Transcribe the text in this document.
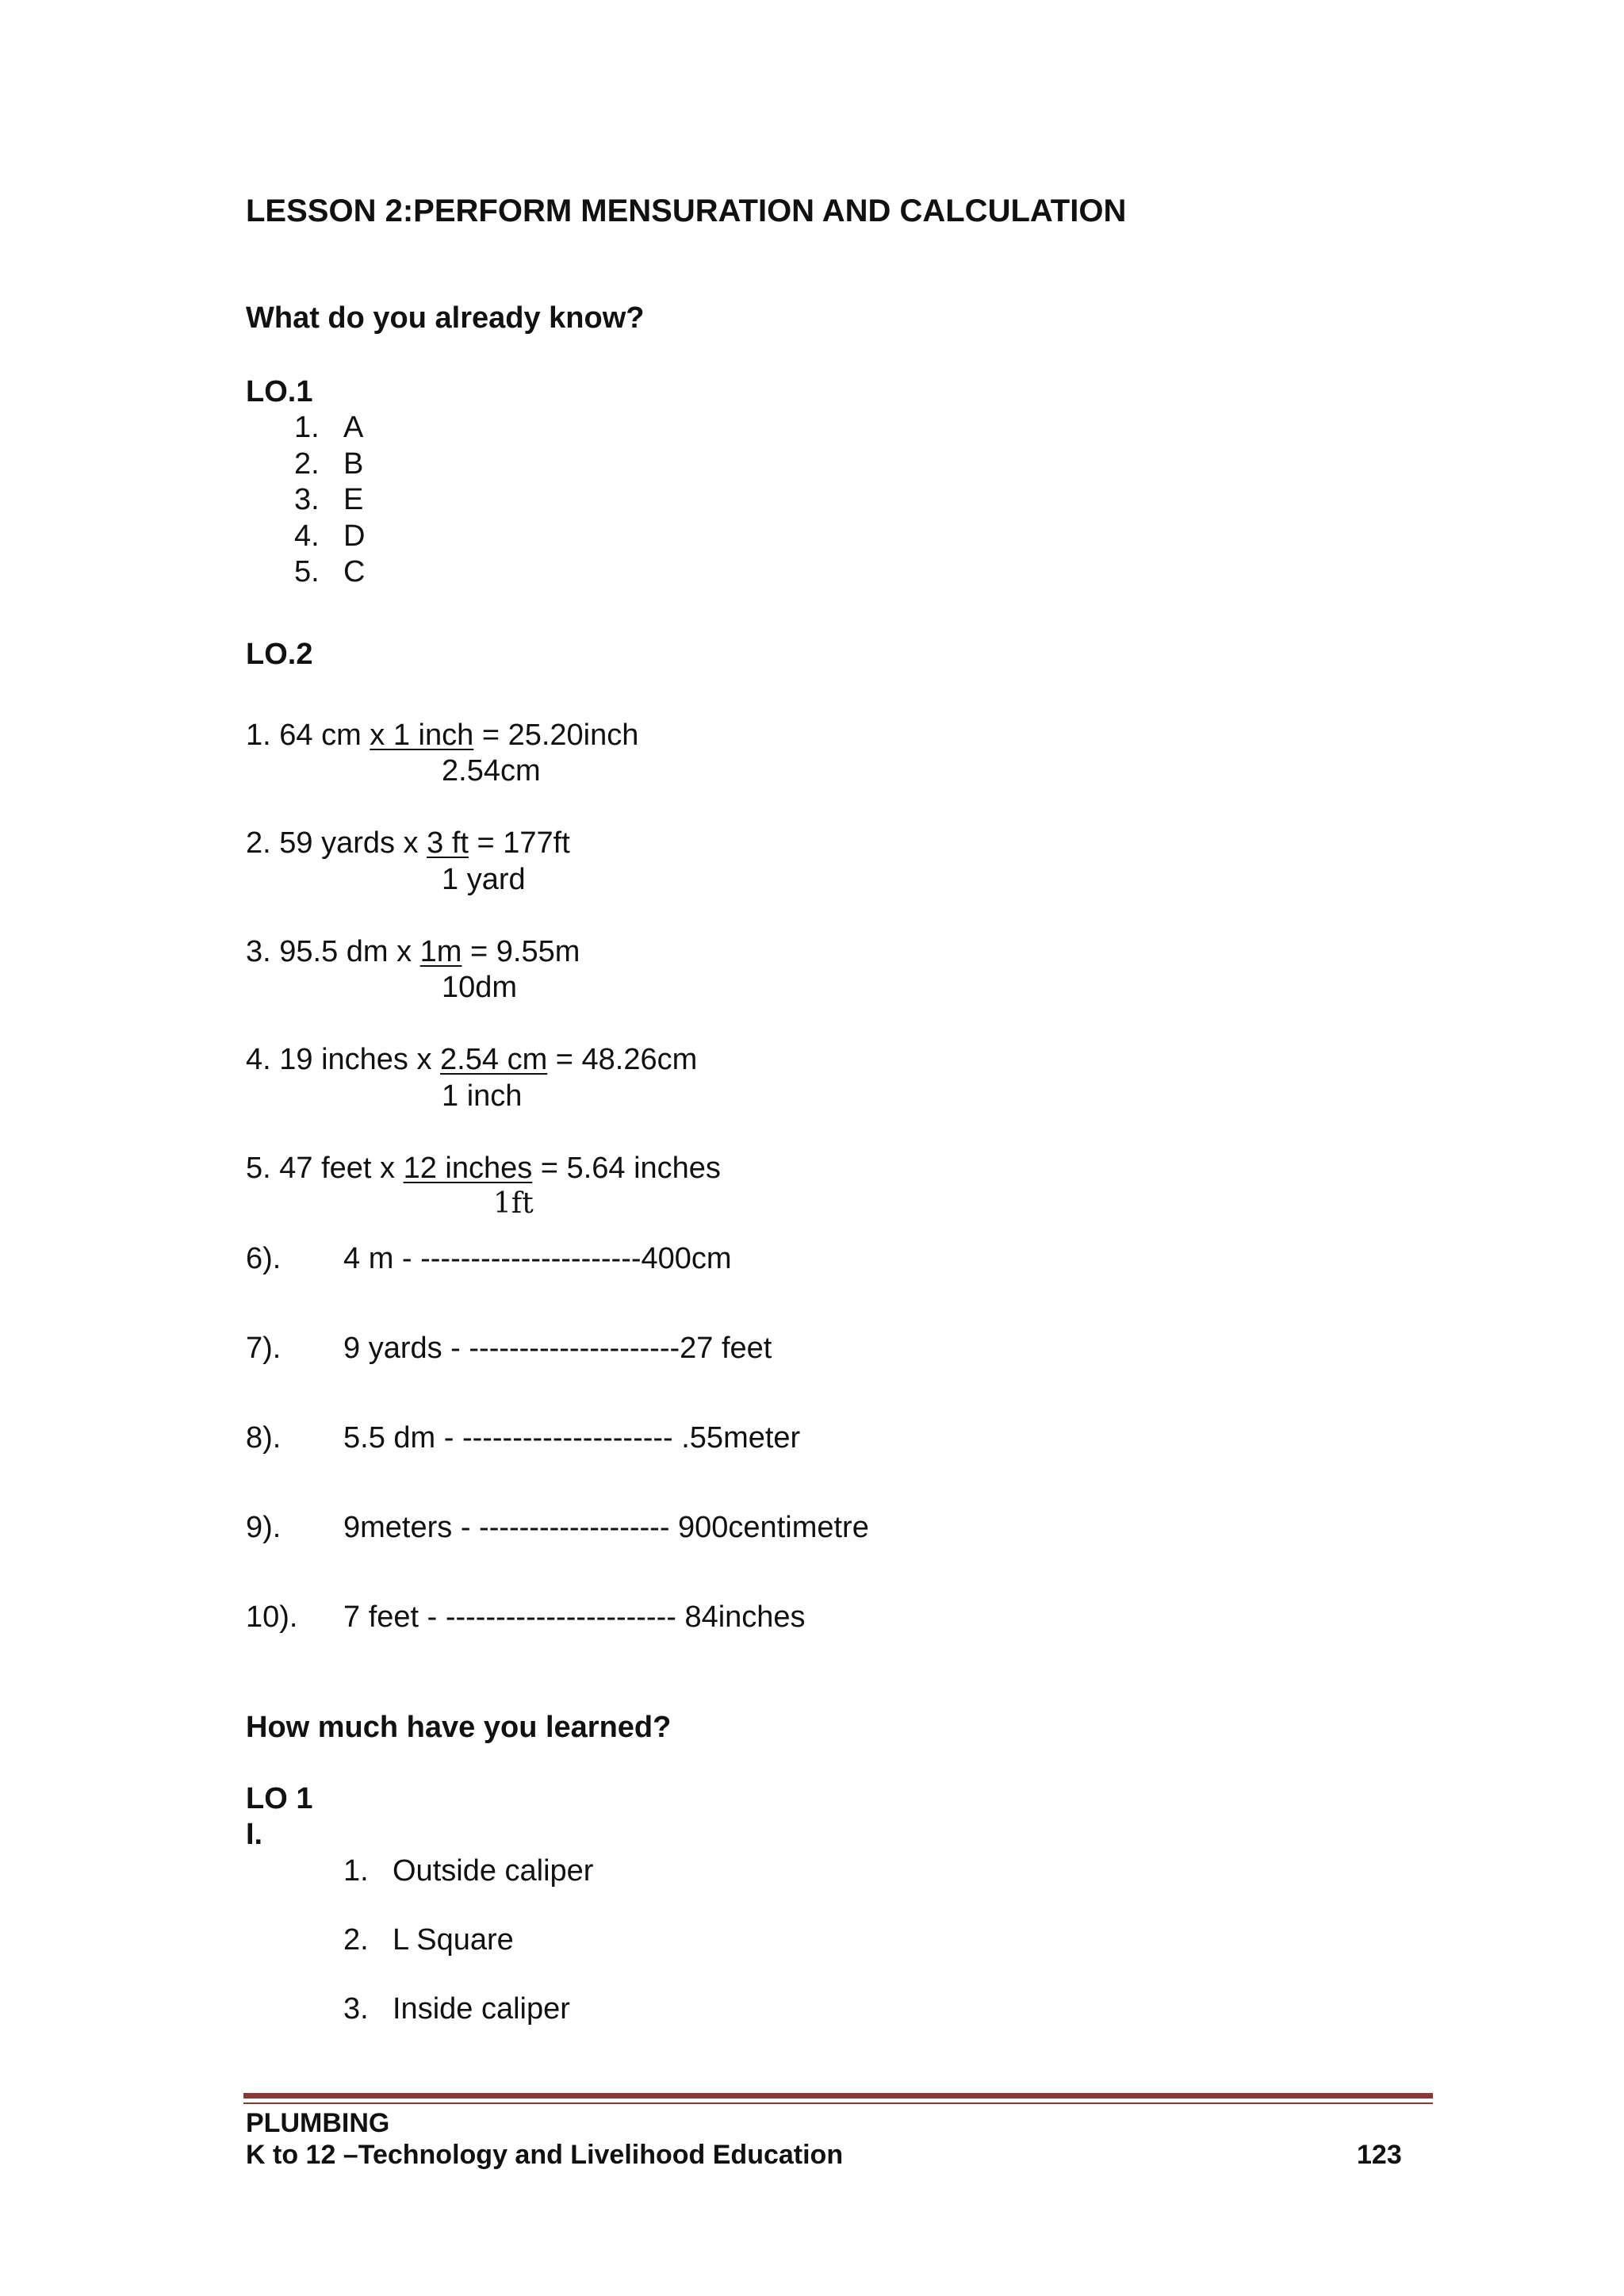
LESSON 2:PERFORM MENSURATION AND CALCULATION
What do you already know?
LO.1
1. A
2. B
3. E
4. D
5. C
LO.2
1. 64 cm x 1 inch = 25.20inch
2.54cm
2. 59 yards x 3 ft = 177ft
1 yard
3. 95.5 dm x 1m = 9.55m
10dm
4. 19 inches x 2.54 cm = 48.26cm
1 inch
5. 47 feet x 12 inches = 5.64 inches
1ft
6). 4 m - ----------------------400cm
7). 9 yards - ---------------------27 feet
8). 5.5 dm - --------------------- .55meter
9). 9meters - ------------------- 900centimetre
10). 7 feet - ----------------------- 84inches
How much have you learned?
LO 1
I.
1. Outside caliper
2. L Square
3. Inside caliper
PLUMBING
K to 12 –Technology and Livelihood Education	123
